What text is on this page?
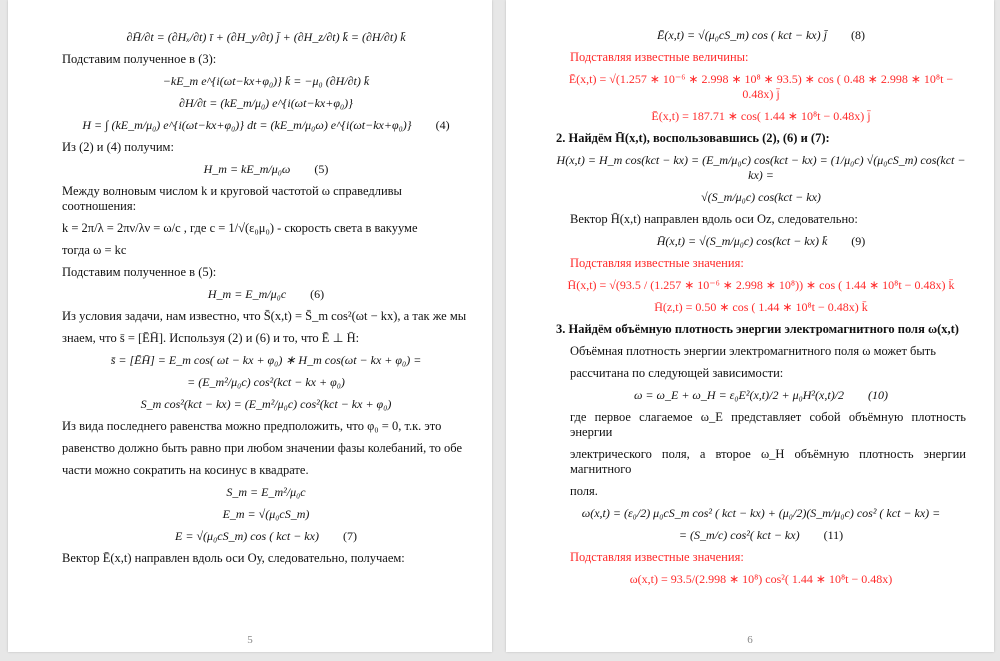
∂H̄/∂t = (∂Hₓ/∂t) ī + (∂H_y/∂t) j̄ + (∂H_z/∂t) k̄ = (∂H/∂t) k̄
Подставим полученное в (3):
−kE_m e^{i(ωt−kx+φ₀)} k̄ = −μ₀ (∂H/∂t) k̄
∂H/∂t = (kE_m/μ₀) e^{i(ωt−kx+φ₀)}
H = ∫ (kE_m/μ₀) e^{i(ωt−kx+φ₀)} dt = (kE_m/μ₀ω) e^{i(ωt−kx+φ₀)} (4)
Из (2) и (4) получим:
H_m = kE_m/μ₀ω (5)
Между волновым числом k и круговой частотой ω справедливы соотношения:
k = 2π/λ = 2πν/λν = ω/c , где c = 1/√(ε₀μ₀) - скорость света в вакууме
тогда ω = kc
Подставим полученное в (5):
H_m = E_m/μ₀c (6)
Из условия задачи, нам известно, что S̄(x,t) = S̄_m cos²(ωt − kx), а так же мы
знаем, что s̄ = [ĒH̄]. Используя (2) и (6) и то, что Ē ⊥ H̄:
s̄ = [ĒH̄] = E_m cos( ωt − kx + φ₀) ∗ H_m cos(ωt − kx + φ₀) =
= (E_m²/μ₀c) cos²(kct − kx + φ₀)
S_m cos²(kct − kx) = (E_m²/μ₀c) cos²(kct − kx + φ₀)
Из вида последнего равенства можно предположить, что φ₀ = 0, т.к. это
равенство должно быть равно при любом значении фазы колебаний, то обе
части можно сократить на косинус в квадрате.
S_m = E_m²/μ₀c
E_m = √(μ₀cS_m)
E = √(μ₀cS_m) cos ( kct − kx) (7)
Вектор Ē(x,t) направлен вдоль оси Оу, следовательно, получаем:
5
Ē(x,t) = √(μ₀cS_m) cos ( kct − kx) j̄ (8)
Подставляя известные величины:
Ē(x,t) = √(1.257 ∗ 10⁻⁶ ∗ 2.998 ∗ 10⁸ ∗ 93.5) ∗ cos ( 0.48 ∗ 2.998 ∗ 10⁸t − 0.48x) j̄
Ē(x,t) = 187.71 ∗ cos( 1.44 ∗ 10⁸t − 0.48x) j̄
2. Найдём H̄(x,t), воспользовавшись (2), (6) и (7):
H(x,t) = H_m cos(kct − kx) = (E_m/μ₀c) cos(kct − kx) = (1/μ₀c) √(μ₀cS_m) cos(kct − kx) =
√(S_m/μ₀c) cos(kct − kx)
Вектор H̄(x,t) направлен вдоль оси Oz, следовательно:
H̄(x,t) = √(S_m/μ₀c) cos(kct − kx) k̄ (9)
Подставляя известные значения:
H̄(x,t) = √(93.5 / (1.257 ∗ 10⁻⁶ ∗ 2.998 ∗ 10⁸)) ∗ cos ( 1.44 ∗ 10⁸t − 0.48x) k̄
H̄(z,t) = 0.50 ∗ cos ( 1.44 ∗ 10⁸t − 0.48x) k̄
3. Найдём объёмную плотность энергии электромагнитного поля ω(x,t)
Объёмная плотность энергии электромагнитного поля ω может быть
рассчитана по следующей зависимости:
ω = ω_E + ω_H = ε₀E²(x,t)/2 + μ₀H²(x,t)/2 (10)
где первое слагаемое ω_E представляет собой объёмную плотность энергии
электрического поля, а второе ω_H объёмную плотность энергии магнитного
поля.
ω(x,t) = (ε₀/2) μ₀cS_m cos² ( kct − kx) + (μ₀/2)(S_m/μ₀c) cos² ( kct − kx) =
= (S_m/c) cos²( kct − kx) (11)
Подставляя известные значения:
ω(x,t) = 93.5/(2.998 ∗ 10⁸) cos²( 1.44 ∗ 10⁸t − 0.48x)
6
